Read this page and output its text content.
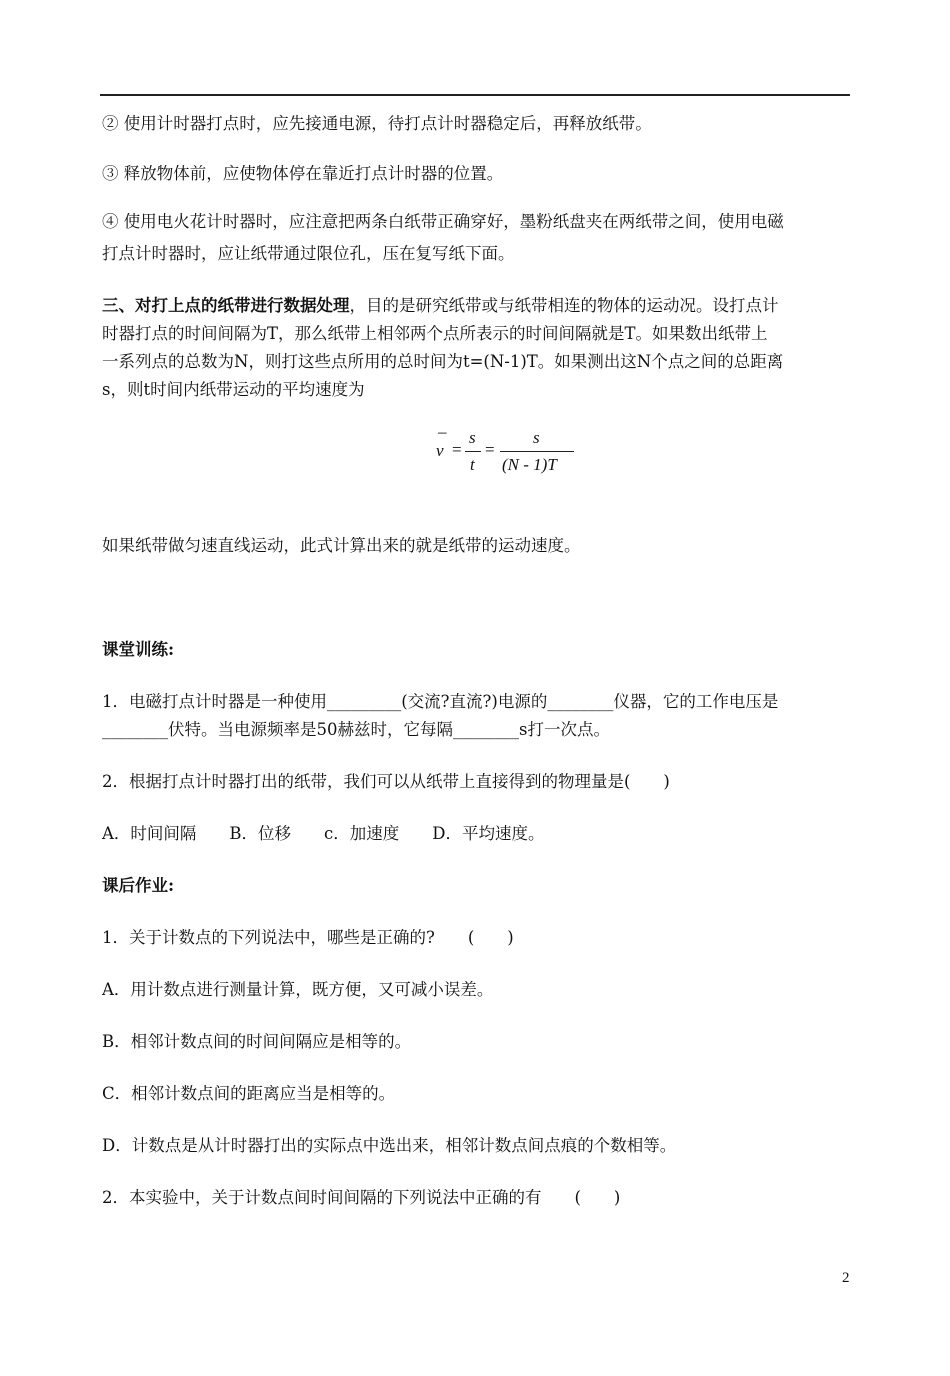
② 使用计时器打点时，应先接通电源，待打点计时器稳定后，再释放纸带。
③ 释放物体前，应使物体停在靠近打点计时器的位置。
④ 使用电火花计时器时，应注意把两条白纸带正确穿好，墨粉纸盘夹在两纸带之间，使用电磁
打点计时器时，应让纸带通过限位孔，压在复写纸下面。
三、对打上点的纸带进行数据处理，目的是研究纸带或与纸带相连的物体的运动况。设打点计
时器打点的时间间隔为T，那么纸带上相邻两个点所表示的时间间隔就是T。如果数出纸带上
一系列点的总数为N，则打这些点所用的总时间为t=(N-1)T。如果测出这N个点之间的总距离
s，则t时间内纸带运动的平均速度为
–
v =
s
t
=
s
(N - 1)T
如果纸带做匀速直线运动，此式计算出来的就是纸带的运动速度。
课堂训练:
1．电磁打点计时器是一种使用_________(交流?直流?)电源的________仪器，它的工作电压是
________伏特。当电源频率是50赫兹时，它每隔________s打一次点。
2．根据打点计时器打出的纸带，我们可以从纸带上直接得到的物理量是(　　)
A．时间间隔　　B．位移　　c．加速度　　D．平均速度。
课后作业:
1．关于计数点的下列说法中，哪些是正确的?　　(　　)
A．用计数点进行测量计算，既方便，又可减小误差。
B．相邻计数点间的时间间隔应是相等的。
C．相邻计数点间的距离应当是相等的。
D．计数点是从计时器打出的实际点中选出来，相邻计数点间点痕的个数相等。
2．本实验中，关于计数点间时间间隔的下列说法中正确的有　　(　　)
2
